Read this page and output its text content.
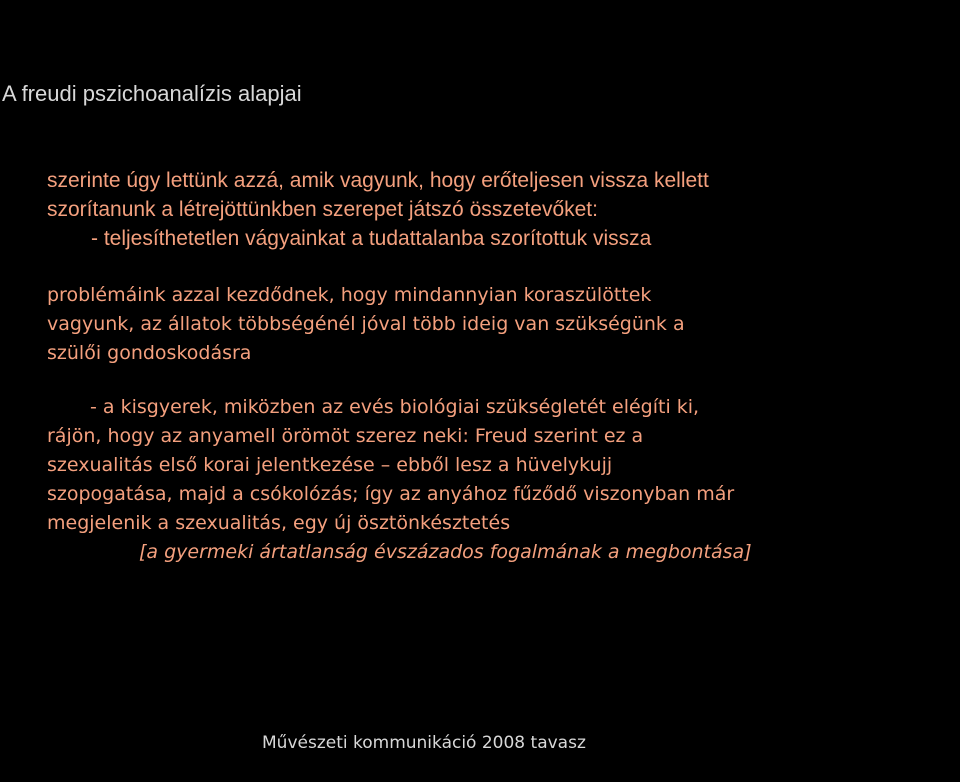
A freudi pszichoanalízis alapjai
szerinte úgy lettünk azzá, amik vagyunk, hogy erőteljesen vissza kellett
szorítanunk a létrejöttünkben szerepet játszó összetevőket:
- teljesíthetetlen vágyainkat a tudattalanba szorítottuk vissza
problémáink azzal kezdődnek, hogy mindannyian koraszülöttek
vagyunk, az állatok többségénél jóval több ideig van szükségünk a
szülői gondoskodásra
- a kisgyerek, miközben az evés biológiai szükségletét elégíti ki,
rájön, hogy az anyamell örömöt szerez neki: Freud szerint ez a
szexualitás első korai jelentkezése – ebből lesz a hüvelykujj
szopogatása, majd a csókolózás; így az anyához fűződő viszonyban már
megjelenik a szexualitás, egy új ösztönkésztetés
[a gyermeki ártatlanság évszázados fogalmának a megbontása]
Művészeti kommunikáció 2008 tavasz
